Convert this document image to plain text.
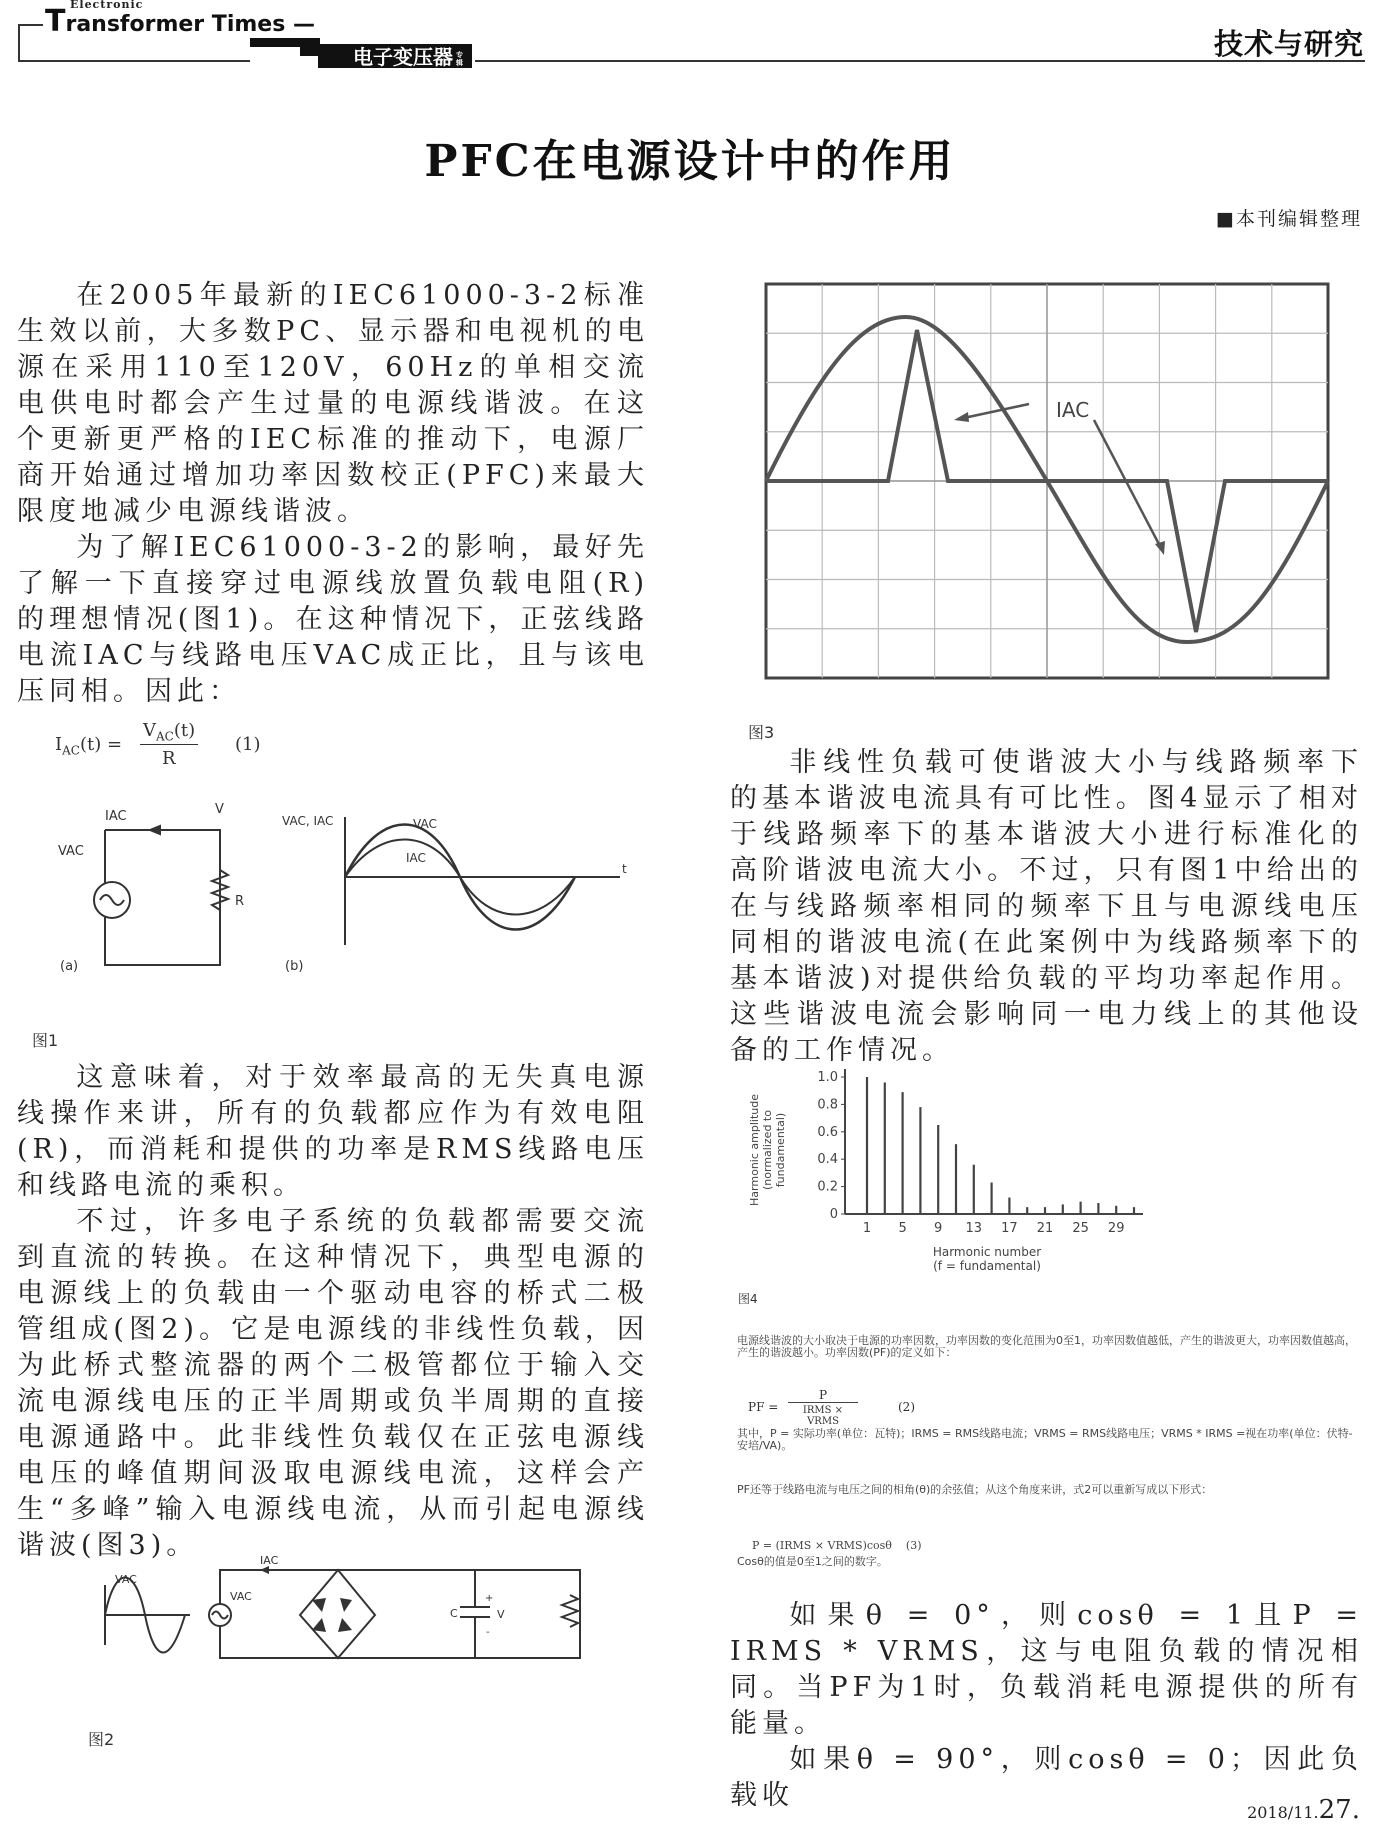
Electronic
Transformer Times —
电子变压器 专辑
技术与研究
PFC在电源设计中的作用
■本刊编辑整理

在2005年最新的IEC61000-3-2标准生效以前，大多数PC、显示器和电视机的电源在采用110至120V，60Hz的单相交流电供电时都会产生过量的电源线谐波。在这个更新更严格的IEC标准的推动下，电源厂商开始通过增加功率因数校正(PFC)来最大限度地减少电源线谐波。

为了解IEC61000-3-2的影响，最好先了解一下直接穿过电源线放置负载电阻(R)的理想情况(图1)。在这种情况下，正弦线路电流IAC与线路电压VAC成正比，且与该电压同相。因此：

$I_{AC}(t)$ =
$V_{AC}(t)$
R
(1)
IAC	V
VAC
R
(a)	(b)
VAC, IAC	VAC
IAC
t
图1

这意味着，对于效率最高的无失真电源线操作来讲，所有的负载都应作为有效电阻(R)，而消耗和提供的功率是RMS线路电压和线路电流的乘积。

不过，许多电子系统的负载都需要交流到直流的转换。在这种情况下，典型电源的电源线上的负载由一个驱动电容的桥式二极管组成(图2)。它是电源线的非线性负载，因为此桥式整流器的两个二极管都位于输入交流电源线电压的正半周期或负半周期的直接电源通路中。此非线性负载仅在正弦电源线电压的峰值期间汲取电源线电流，这样会产生“多峰”输入电源线电流，从而引起电源线谐波(图3)。

VAC
VAC
IAC
C	V
+
-
图2
IAC
图3

非线性负载可使谐波大小与线路频率下的基本谐波电流具有可比性。图4显示了相对于线路频率下的基本谐波大小进行标准化的高阶谐波电流大小。不过，只有图1中给出的在与线路频率相同的频率下且与电源线电压同相的谐波电流(在此案例中为线路频率下的基本谐波)对提供给负载的平均功率起作用。这些谐波电流会影响同一电力线上的其他设备的工作情况。

Harmonic amplitude (normalized to fundamental)
Harmonic number
(f = fundamental)
0
0.2
0.4
0.6
0.8
1.0
1 5 9 13 17 21 25 29
图4
电源线谐波的大小取决于电源的功率因数，功率因数的变化范围为0至1，功率因数值越低，产生的谐波更大，功率因数值越高，产生的谐波越小。功率因数(PF)的定义如下：
PF =
P
IRMS × VRMS
(2)
其中，P = 实际功率(单位：瓦特)；IRMS = RMS线路电流；VRMS = RMS线路电压；VRMS * IRMS =视在功率(单位：伏特-安培/VA)。
PF还等于线路电流与电压之间的相角(θ)的余弦值；从这个角度来讲，式2可以重新写成以下形式：
P = (IRMS × VRMS)cosθ (3)
Cosθ的值是0至1之间的数字。

如果θ = 0°，则cosθ = 1且P = IRMS * VRMS，这与电阻负载的情况相同。当PF为1时，负载消耗电源提供的所有能量。

如果θ = 90°，则cosθ = 0；因此负载收

2018/11.27.
